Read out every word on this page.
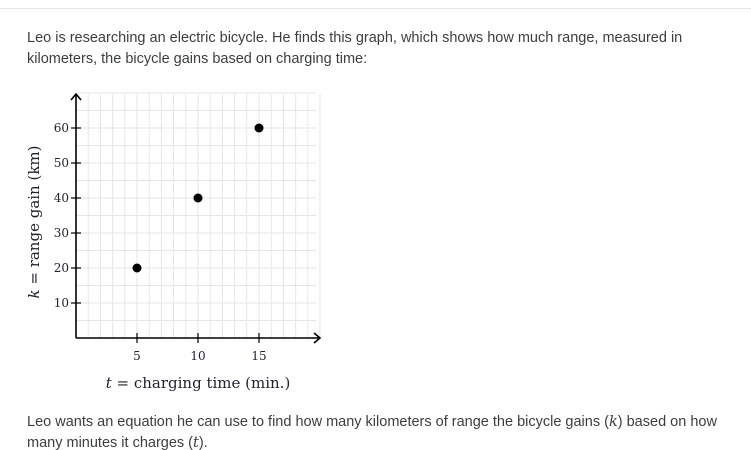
Leo is researching an electric bicycle. He finds this graph, which shows how much range, measured in kilometers, the bicycle gains based on charging time:

5	10	15
10
20
30
40
50
60
t = charging time (min.)
k = range gain (km)

Leo wants an equation he can use to find how many kilometers of range the bicycle gains (k) based on how many minutes it charges (t).
